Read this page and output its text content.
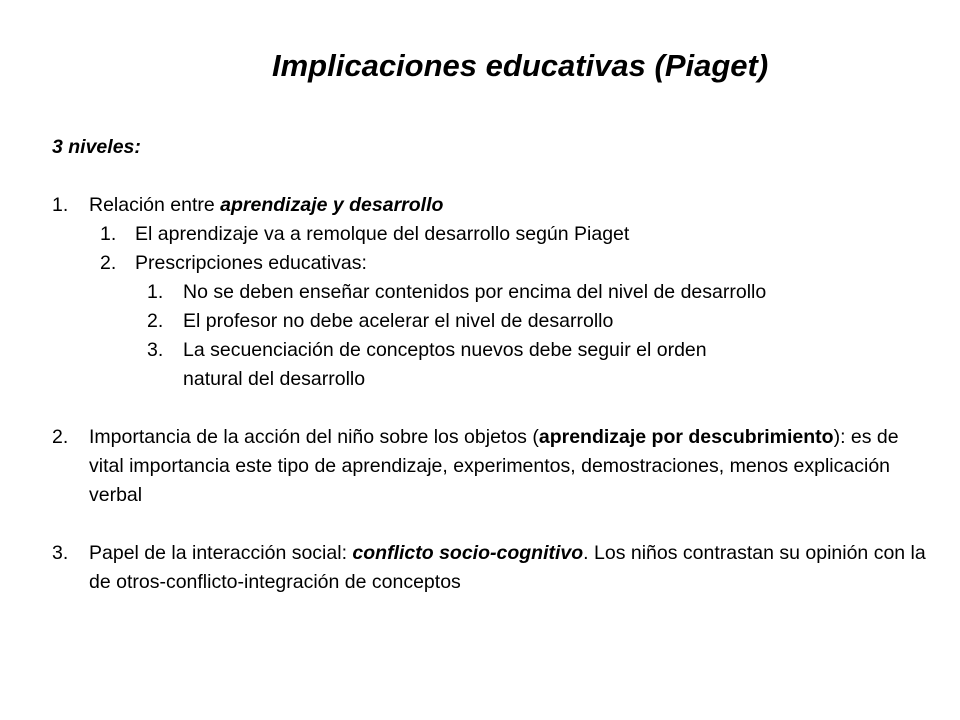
Implicaciones educativas (Piaget)
3 niveles:
1.	Relación entre aprendizaje y desarrollo
1. El aprendizaje va a remolque del desarrollo según Piaget
2. Prescripciones educativas:
1.	No se deben enseñar contenidos por encima del nivel de desarrollo
2.	El profesor no debe acelerar el nivel de desarrollo
3.	La secuenciación de conceptos nuevos debe seguir el orden
natural del desarrollo
2.	Importancia de la acción del niño sobre los objetos (aprendizaje por descubrimiento): es de vital importancia este tipo de aprendizaje, experimentos, demostraciones, menos explicación verbal
3.	Papel de la interacción social: conflicto socio-cognitivo. Los niños contrastan su opinión con la de otros-conflicto-integración de conceptos
